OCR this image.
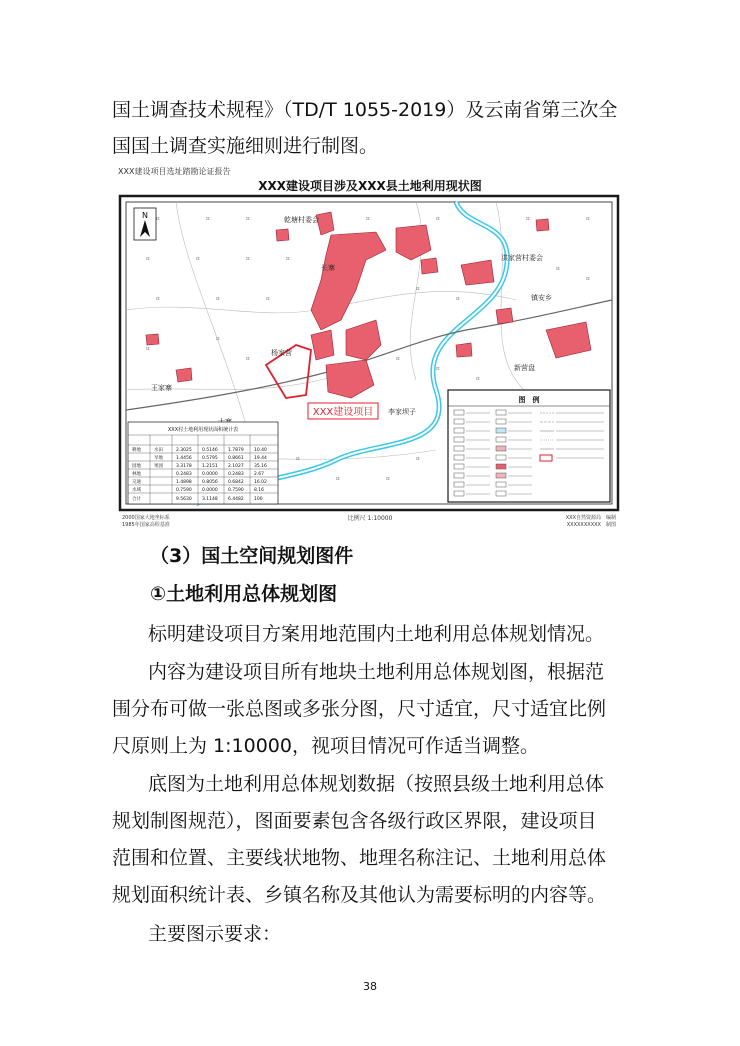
国土调查技术规程》（TD/T 1055-2019）及云南省第三次全
国国土调查实施细则进行制图。
XXX建设项目选址踏勘论证报告
XXX建设项目涉及XXX县土地利用现状图
XXX建设项目
乾塘村委会
长寨
洪家营村委会
镇安乡
新营盘
杨家营
王家寨
李家坝子
ɪɪ	ɪɪ	ɪɪ	ɪɪ	ɪɪ	ɪɪ	ɪɪ
ɪɪ	ɪɪ	ɪɪ	ɪɪ
ɪɪ
ɪɪ
ɪɪ
ɪɪ
ɪɪ	ɪɪ	ɪɪ
ɪɪ
ɪɪ
ɪɪ	ɪɪ
ɪɪ
ɪɪ
ɪɪ
ɪɪ	ɪɪ
ɪɪ
N
XXX村土地利用现状面积统计表
耕地	水田	2.3025 0.5146 1.7879 10.40
旱地	1.4456 0.5795 0.8661 19.44
园地	果园	3.3178 1.2151 2.1027 35.16
林地	0.2483 0.0000 0.2483 2.67
交通	1.4898 0.8056 0.6842 16.02
水域	0.7590 0.0000 0.7590 8.16
合计	9.5630 3.1148 6.4482 100
图　例
2000国家大地坐标系
1985年国家高程基准
比例尺 1:10000	XXX自然资源局　编制
XXXXXXXXXX　制图
（3）国土空间规划图件
①土地利用总体规划图
标明建设项目方案用地范围内土地利用总体规划情况。
内容为建设项目所有地块土地利用总体规划图，根据范
围分布可做一张总图或多张分图，尺寸适宜，尺寸适宜比例
尺原则上为 1:10000，视项目情况可作适当调整。
底图为土地利用总体规划数据（按照县级土地利用总体
规划制图规范），图面要素包含各级行政区界限，建设项目
范围和位置、主要线状地物、地理名称注记、土地利用总体
规划面积统计表、乡镇名称及其他认为需要标明的内容等。
主要图示要求：
38
